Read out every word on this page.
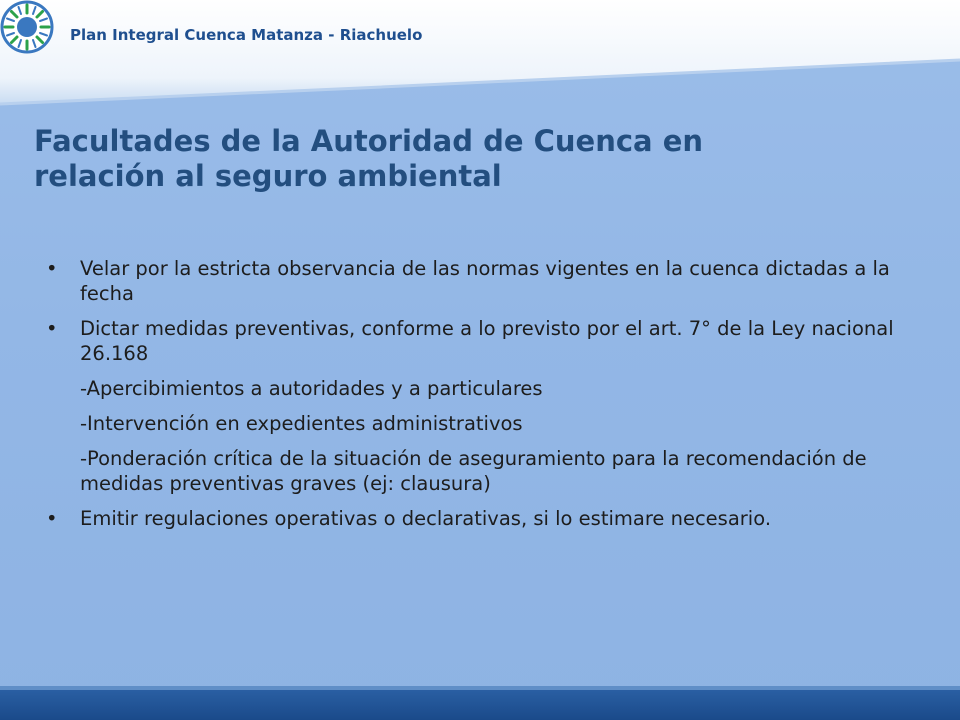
Plan Integral Cuenca Matanza - Riachuelo
Facultades de la Autoridad de Cuenca en
relación al seguro ambiental
•	Velar por la estricta observancia de las normas vigentes en la cuenca dictadas a la fecha
•	Dictar medidas preventivas, conforme a lo previsto por el art. 7° de la Ley nacional 26.168
-Apercibimientos a autoridades y a particulares
-Intervención en expedientes administrativos
-Ponderación crítica de la situación de aseguramiento para la recomendación de medidas preventivas graves (ej: clausura)
•	Emitir regulaciones operativas o declarativas, si lo estimare necesario.
